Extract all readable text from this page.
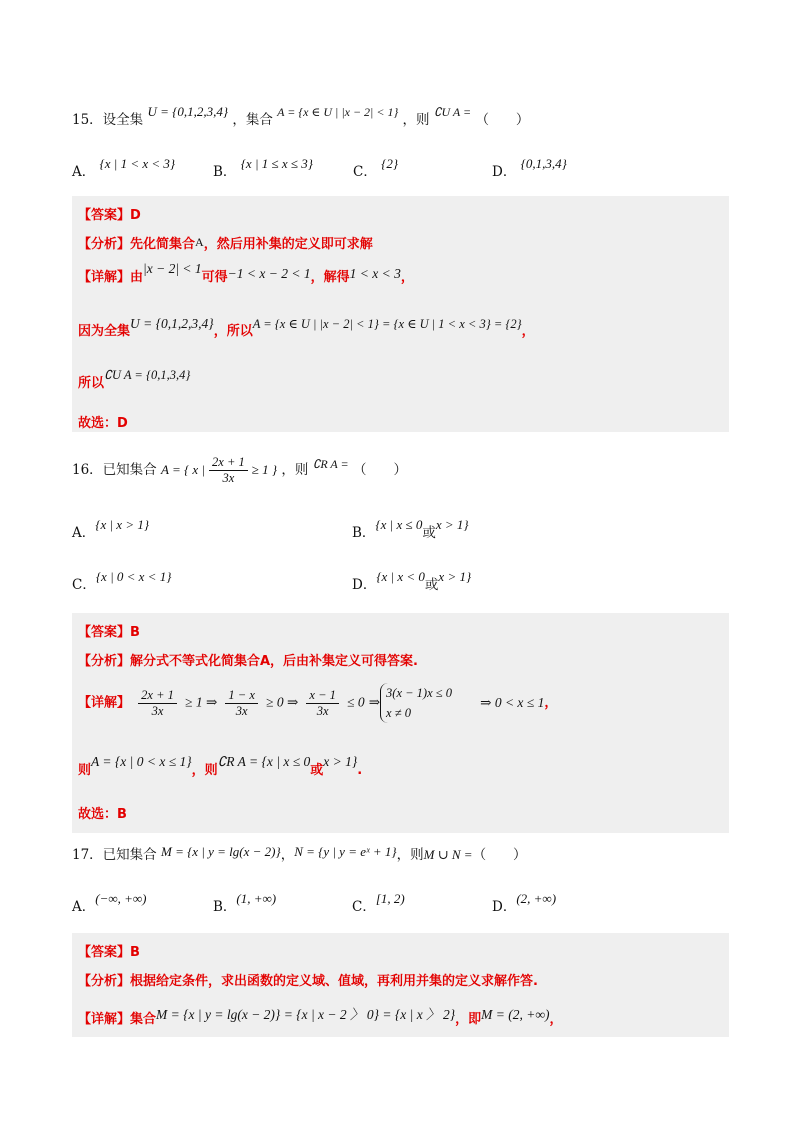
15．设全集 U = {0,1,2,3,4} ，集合 A = {x ∈ U | |x − 2| < 1} ，则 ∁U A = （　　）
A． {x | 1 < x < 3}
B． {x | 1 ≤ x ≤ 3}
C． {2}
D． {0,1,3,4}
【答案】D
【分析】先化简集合A，然后用补集的定义即可求解
【详解】由|x − 2| < 1可得−1 < x − 2 < 1，解得1 < x < 3，
因为全集U = {0,1,2,3,4}，所以A = {x ∈ U | |x − 2| < 1} = {x ∈ U | 1 < x < 3} = {2}，
所以∁U A = {0,1,3,4}
故选：D
16．已知集合 A = { x | $\frac{2x + 1}{3x} \ge 1$ } ，则 ∁R A = （　　）
A．{x | x > 1}
B．{x | x ≤ 0或x > 1}
C．{x | 0 < x < 1}
D．{x | x < 0或x > 1}
【答案】B
【分析】解分式不等式化简集合A，后由补集定义可得答案.
【详解】 $\frac{2x + 1}{3x} \ge 1$ ⇒ $\frac{1 - x}{3x} \ge 0$ ⇒ $\frac{x - 1}{3x} \le 0$ ⇒
3(x − 1)x ≤ 0
x ≠ 0
⇒ 0 < x ≤ 1，
则A = {x | 0 < x ≤ 1}，则∁R A = {x | x ≤ 0或x > 1}.
故选：B
17．已知集合 M = {x | y = lg(x − 2)}，N = {y | y = eˣ + 1}，则M ∪ N =（　　）
A．(−∞, +∞)
B．(1, +∞)
C．[1, 2)
D．(2, +∞)
【答案】B
【分析】根据给定条件，求出函数的定义域、值域，再利用并集的定义求解作答.
【详解】集合M = {x | y = lg(x − 2)} = {x | x − 2 〉 0} = {x | x 〉 2}，即M = (2, +∞)，
